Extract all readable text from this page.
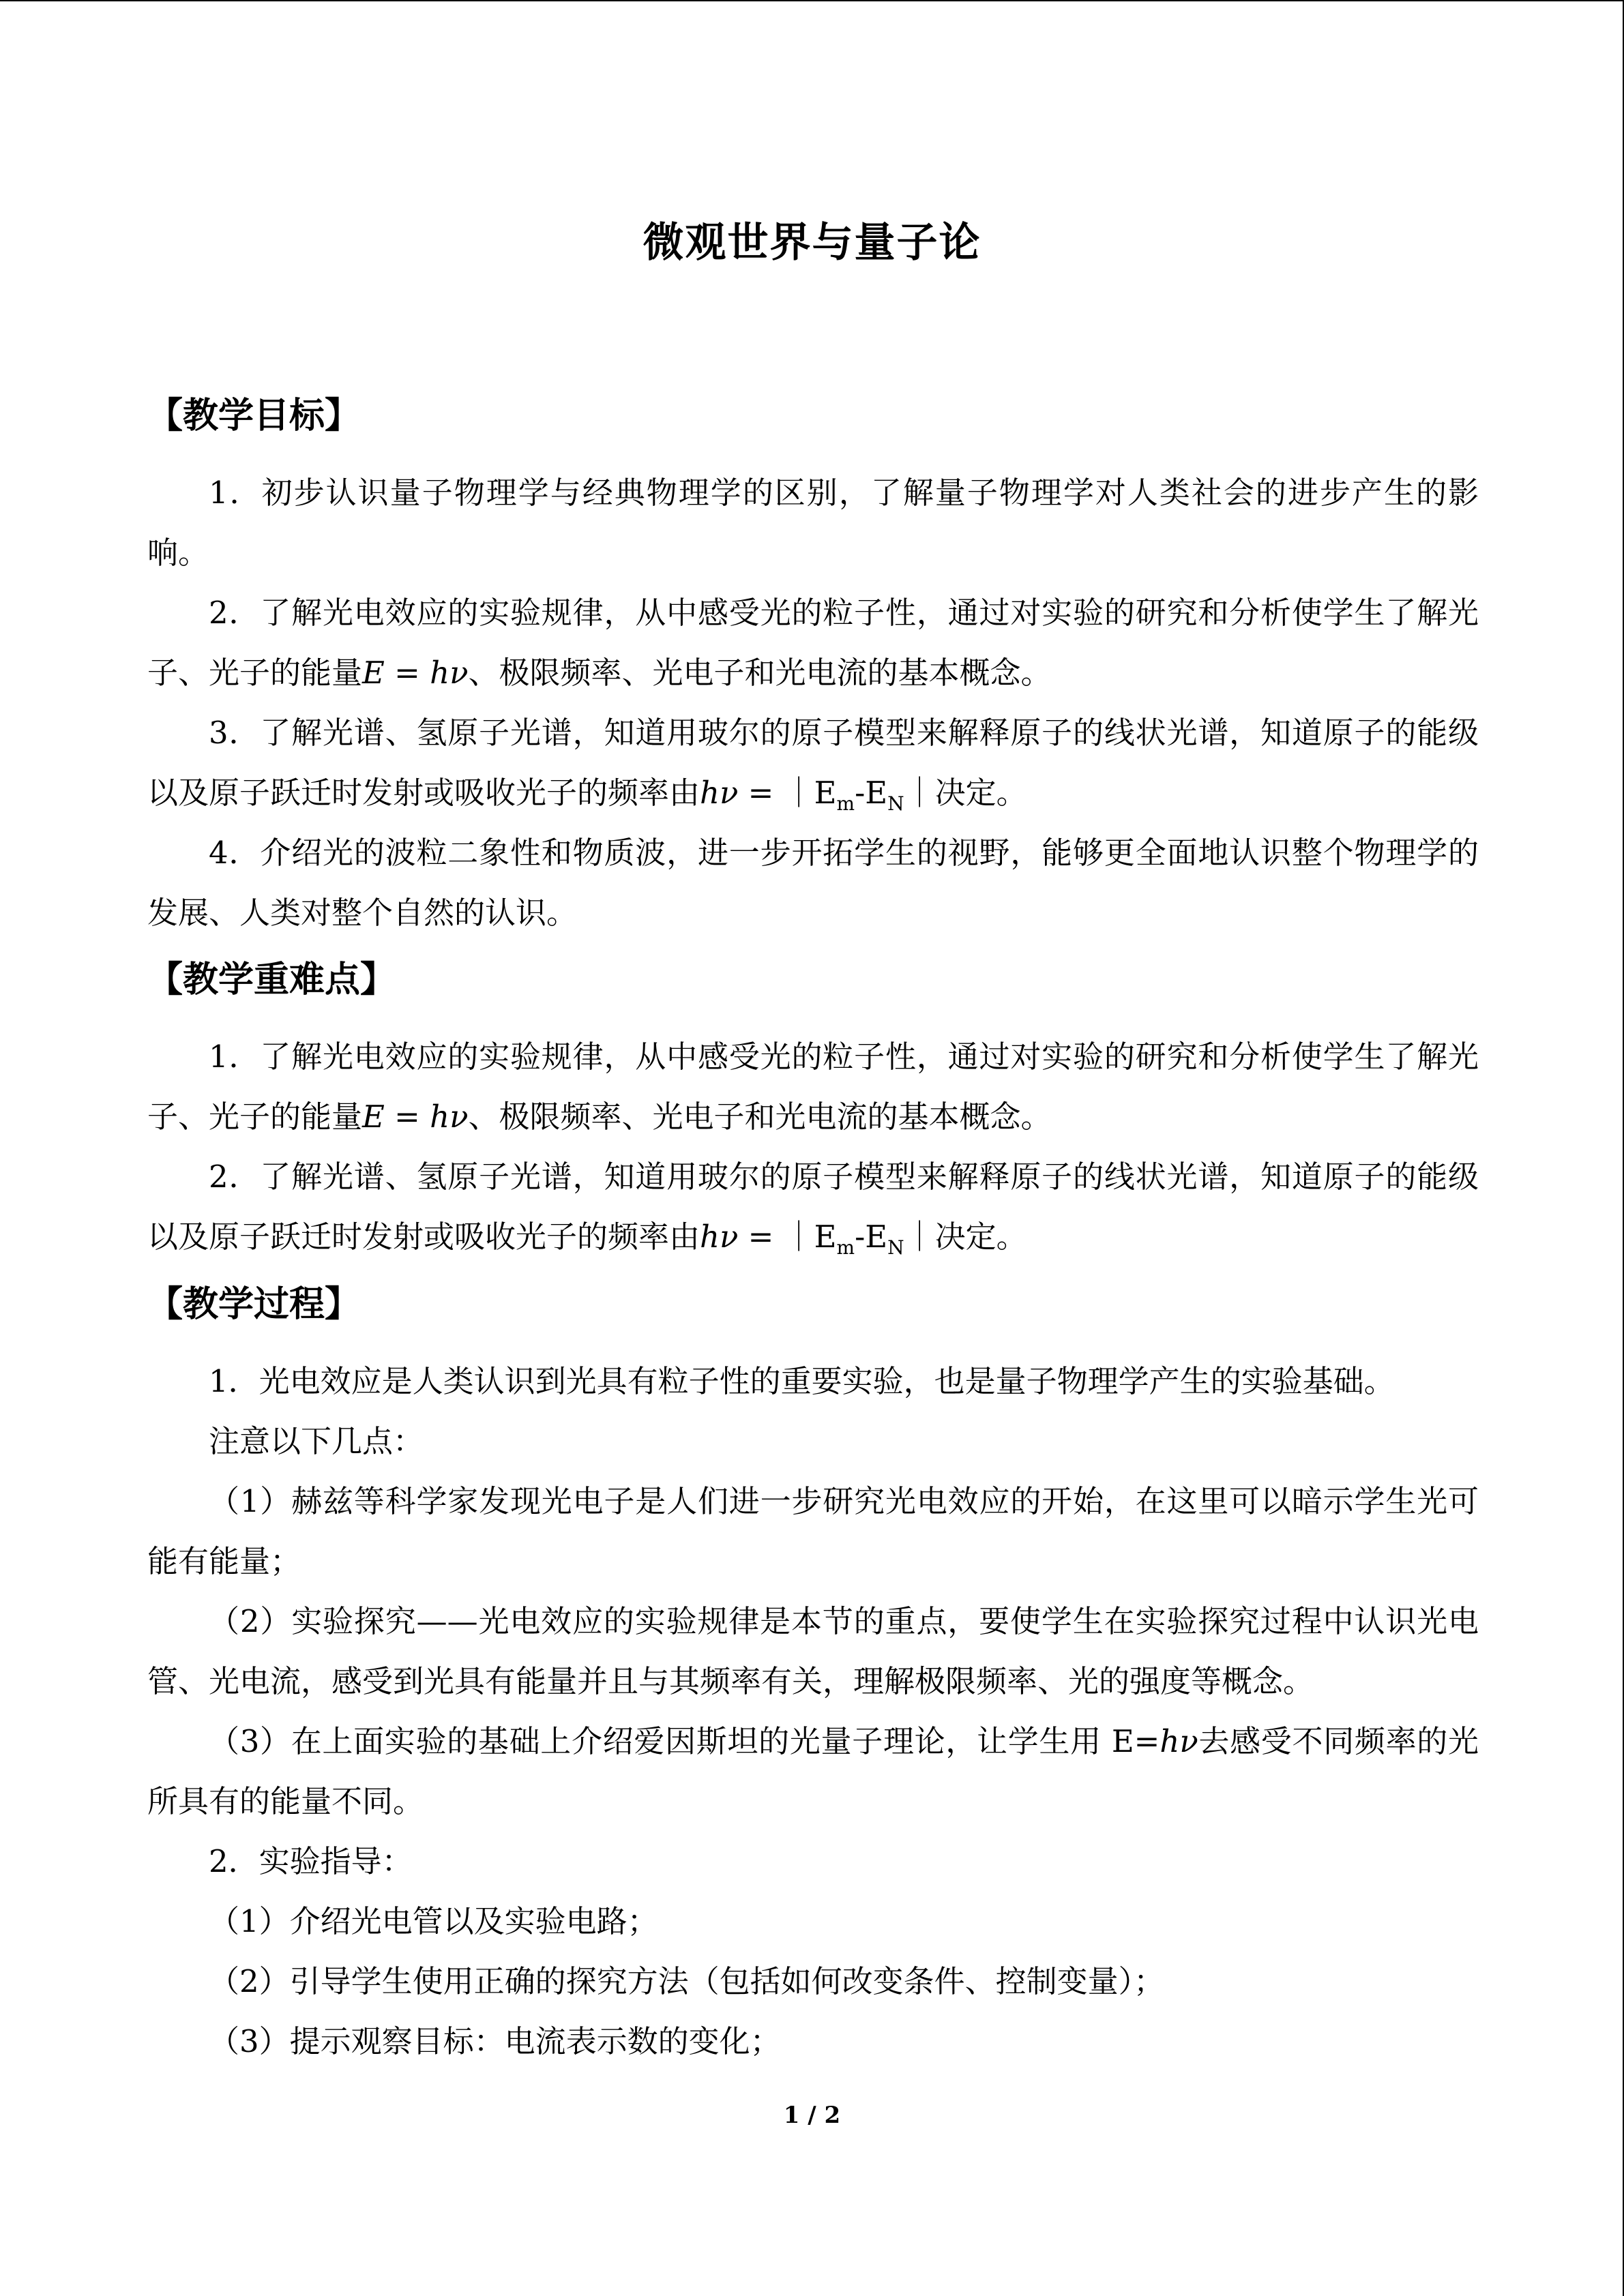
微观世界与量子论
【教学目标】

1．初步认识量子物理学与经典物理学的区别，了解量子物理学对人类社会的进步产生的影响。

2．了解光电效应的实验规律，从中感受光的粒子性，通过对实验的研究和分析使学生了解光子、光子的能量E = hν、极限频率、光电子和光电流的基本概念。

3．了解光谱、氢原子光谱，知道用玻尔的原子模型来解释原子的线状光谱，知道原子的能级以及原子跃迁时发射或吸收光子的频率由$h\nu = |E_m-E_N|$决定。

4．介绍光的波粒二象性和物质波，进一步开拓学生的视野，能够更全面地认识整个物理学的发展、人类对整个自然的认识。

【教学重难点】

1．了解光电效应的实验规律，从中感受光的粒子性，通过对实验的研究和分析使学生了解光子、光子的能量E = hν、极限频率、光电子和光电流的基本概念。

2．了解光谱、氢原子光谱，知道用玻尔的原子模型来解释原子的线状光谱，知道原子的能级以及原子跃迁时发射或吸收光子的频率由$h\nu = |E_m-E_N|$决定。

【教学过程】

1．光电效应是人类认识到光具有粒子性的重要实验，也是量子物理学产生的实验基础。

注意以下几点：

（1）赫兹等科学家发现光电子是人们进一步研究光电效应的开始，在这里可以暗示学生光可能有能量；

（2）实验探究——光电效应的实验规律是本节的重点，要使学生在实验探究过程中认识光电管、光电流，感受到光具有能量并且与其频率有关，理解极限频率、光的强度等概念。

（3）在上面实验的基础上介绍爱因斯坦的光量子理论，让学生用 E=hν去感受不同频率的光所具有的能量不同。

2．实验指导：

（1）介绍光电管以及实验电路；

（2）引导学生使用正确的探究方法（包括如何改变条件、控制变量）；

（3）提示观察目标：电流表示数的变化；

1 / 2
